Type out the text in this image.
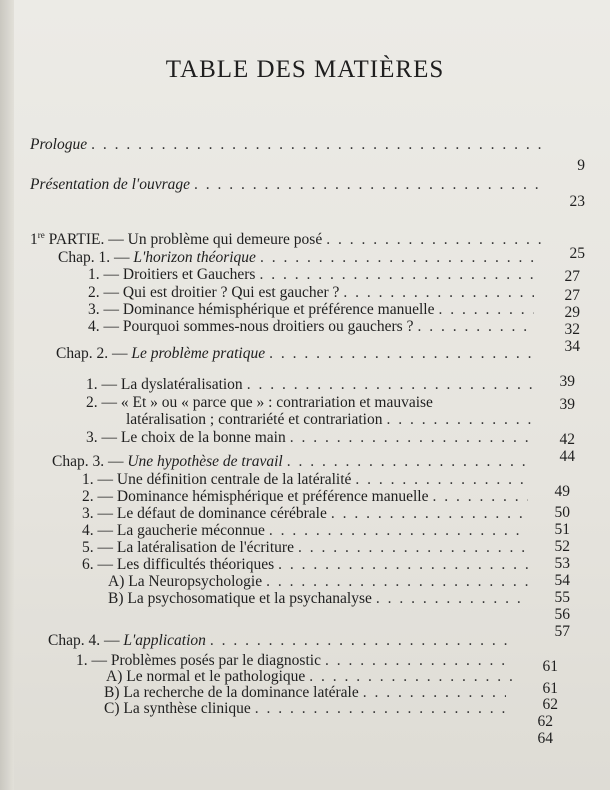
TABLE DES MATIÈRES
Prologue
. . .
9
Présentation de l'ouvrage
. . .
23
1re PARTIE. — Un problème qui demeure posé
. . .
25
Chap. 1. — L'horizon théorique
. . .
27
1. — Droitiers et Gauchers
. . .
27
2. — Qui est droitier ? Qui est gaucher ?
. . .
29
3. — Dominance hémisphérique et préférence manuelle
. . .
32
4. — Pourquoi sommes-nous droitiers ou gauchers ?
. . .
34
Chap. 2. — Le problème pratique
. . .
39
1. — La dyslatéralisation
. . .
39
2. — « Et » ou « parce que » : contrariation et mauvaise
latéralisation ; contrariété et contrariation
. . .
42
3. — Le choix de la bonne main
. . .
44
Chap. 3. — Une hypothèse de travail
. . .
49
1. — Une définition centrale de la latéralité
. . .
50
2. — Dominance hémisphérique et préférence manuelle
. . .
51
3. — Le défaut de dominance cérébrale
. . .
52
4. — La gaucherie méconnue
. . .
53
5. — La latéralisation de l'écriture
. . .
54
6. — Les difficultés théoriques
. . .
55
A) La Neuropsychologie
. . .
56
B) La psychosomatique et la psychanalyse
. . .
57
Chap. 4. — L'application
. . .
61
1. — Problèmes posés par le diagnostic
. . .
61
A) Le normal et le pathologique
. . .
62
B) La recherche de la dominance latérale
. . .
62
C) La synthèse clinique
. . .
64
